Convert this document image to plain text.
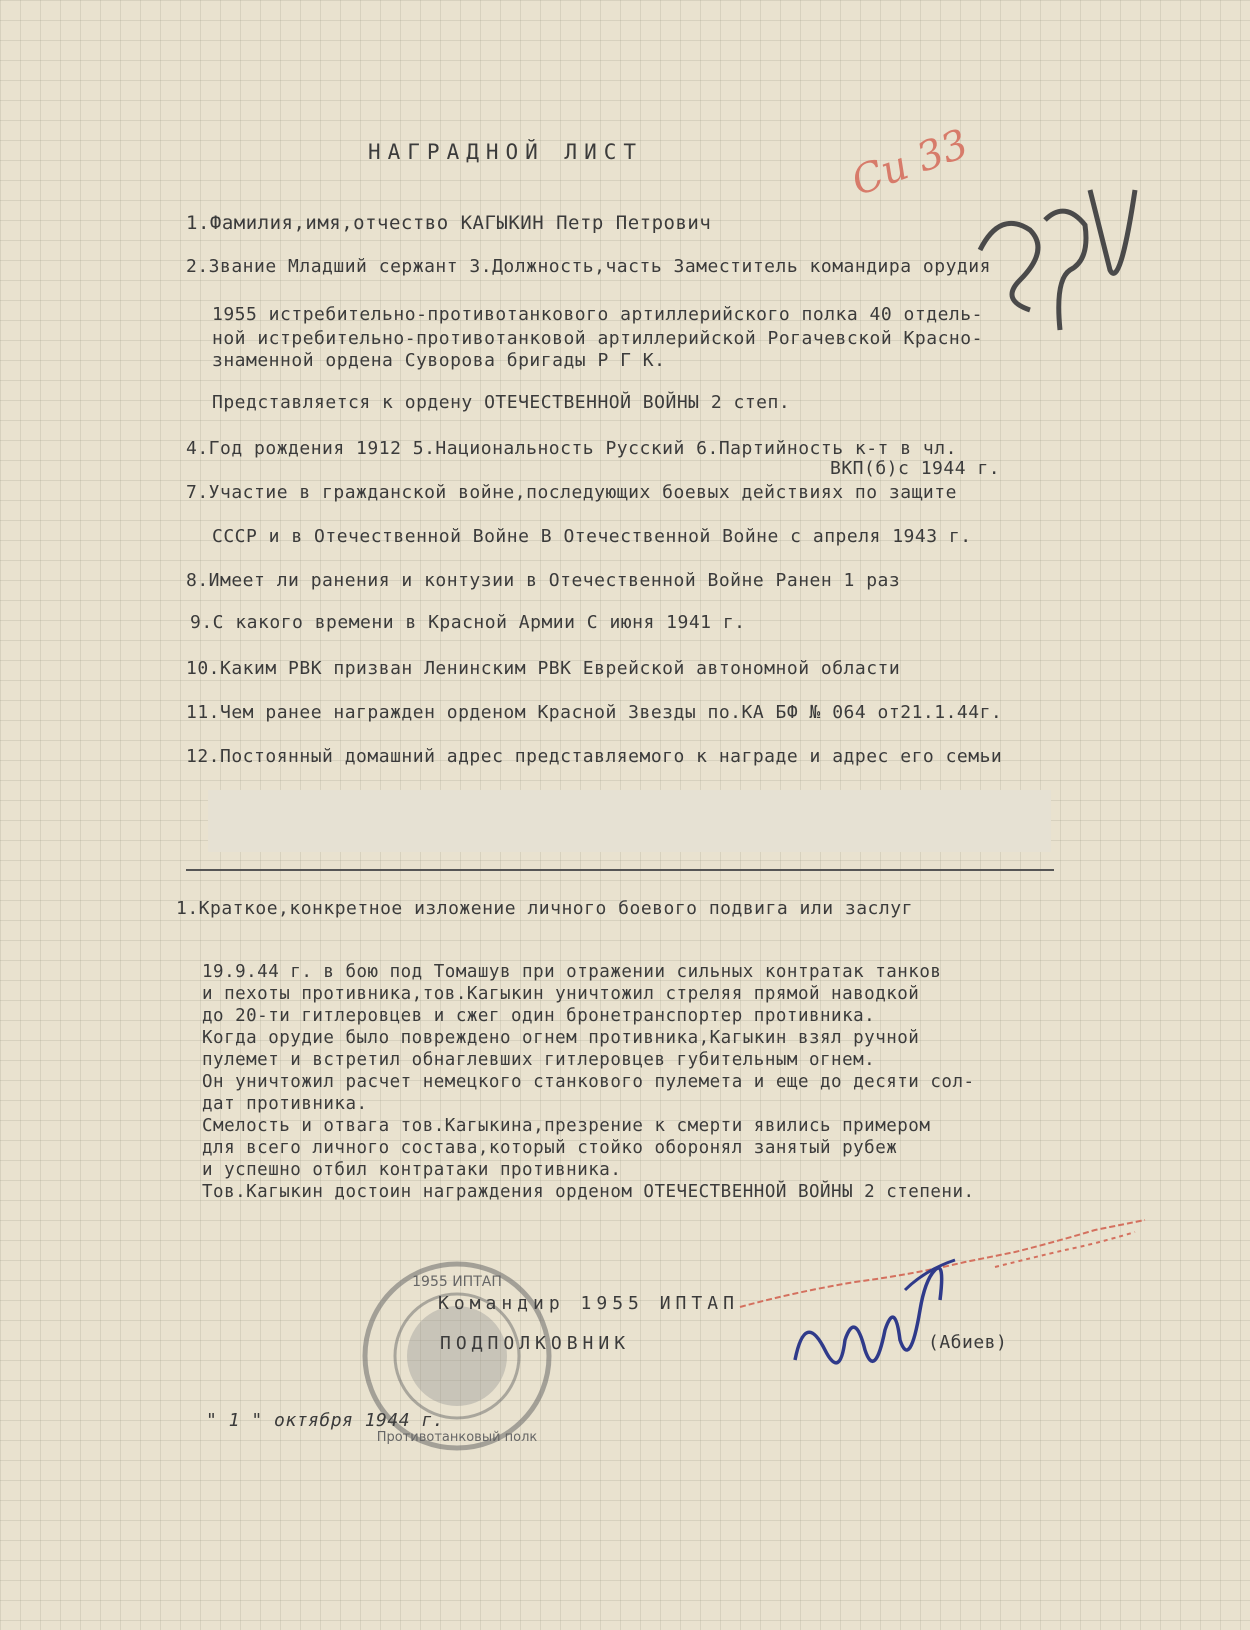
Си 33
НАГРАДНОЙ ЛИСТ
1.Фамилия,имя,отчество КАГЫКИН Петр Петрович
2.Звание Младший сержант 3.Должность,часть Заместитель командира орудия
1955 истребительно-противотанкового артиллерийского полка 40 отдель-
ной истребительно-противотанковой артиллерийской Рогачевской Красно-
знаменной ордена Суворова бригады Р Г К.
Представляется к ордену ОТЕЧЕСТВЕННОЙ ВОЙНЫ 2 степ.
4.Год рождения 1912 5.Национальность Русский 6.Партийность к-т в чл.
ВКП(б)с 1944 г.
7.Участие в гражданской войне,последующих боевых действиях по защите
СССР и в Отечественной Войне В Отечественной Войне с апреля 1943 г.
8.Имеет ли ранения и контузии в Отечественной Войне Ранен 1 раз
9.С какого времени в Красной Армии С июня 1941 г.
10.Каким РВК призван Ленинским РВК Еврейской автономной области
11.Чем ранее награжден орденом Красной Звезды по.КА БФ № 064 от21.1.44г.
12.Постоянный домашний адрес представляемого к награде и адрес его семьи
1.Краткое,конкретное изложение личного боевого подвига или заслуг
19.9.44 г. в бою под Томашув при отражении сильных контратак танков
и пехоты противника,тов.Кагыкин уничтожил стреляя прямой наводкой
до 20-ти гитлеровцев и сжег один бронетранспортер противника.
Когда орудие было повреждено огнем противника,Кагыкин взял ручной
пулемет и встретил обнаглевших гитлеровцев губительным огнем.
Он уничтожил расчет немецкого станкового пулемета и еще до десяти сол-
дат противника.
Смелость и отвага тов.Кагыкина,презрение к смерти явились примером
для всего личного состава,который стойко оборонял занятый рубеж
и успешно отбил контратаки противника.
Тов.Кагыкин достоин награждения орденом ОТЕЧЕСТВЕННОЙ ВОЙНЫ 2 степени.
1955 ИПТАП
Противотанковый полк
Командир 1955 ИПТАП
ПОДПОЛКОВНИК	(Абиев)
" 1 " октября 1944 г.
